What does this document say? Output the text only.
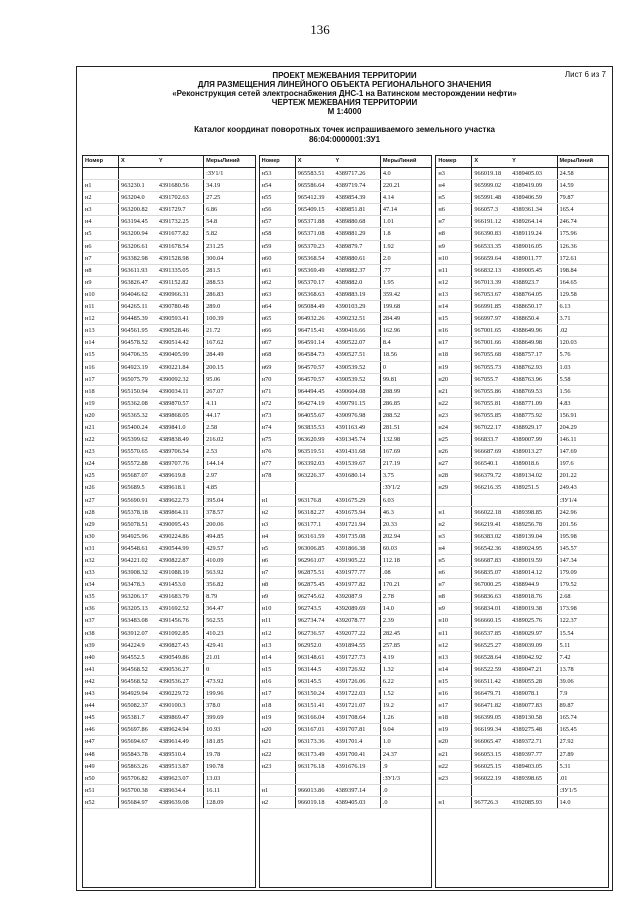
136
Лист 6 из 7
ПРОЕКТ МЕЖЕВАНИЯ ТЕРРИТОРИИ
ДЛЯ РАЗМЕЩЕНИЯ ЛИНЕЙНОГО ОБЪЕКТА РЕГИОНАЛЬНОГО ЗНАЧЕНИЯ
«Реконструкция сетей электроснабжения ДНС-1 на Ватинском месторождении нефти»
ЧЕРТЕЖ МЕЖЕВАНИЯ ТЕРРИТОРИИ
М 1:4000
Каталог координат поворотных точек испрашиваемого земельного участка
86:04:0000001:ЗУ1
Номер	X	Y	МерыЛиний
:ЗУ1/1
н1	963230.1	4391680.56	34.19
н2	963204.0	4391702.63	27.25
н3	963200.82	4391729.7	6.86
н4	963194.45	4391732.25	54.8
н5	963200.94	4391677.82	5.82
н6	963206.61	4391678.54	231.25
н7	963382.98	4391528.98	300.04
н8	963611.93	4391335.05	281.5
н9	963826.47	4391152.82	288.53
н10	964046.62	4390966.31	286.83
н11	964265.11	4390780.48	289.0
н12	964485.39	4390593.41	100.39
н13	964561.95	4390528.46	21.72
н14	964578.52	4390514.42	167.62
н15	964706.35	4390405.99	284.49
н16	964923.19	4390221.84	200.15
н17	965075.79	4390092.32	95.06
н18	965150.94	4390034.11	267.07
н19	965362.08	4389870.57	4.11
н20	965365.32	4389868.05	44.17
н21	965400.24	4389841.0	2.58
н22	965399.62	4389838.49	216.02
н23	965570.65	4389706.54	2.53
н24	965572.88	4389707.76	144.14
н25	965687.07	4389619.8	2.97
н26	965689.5	4389618.1	4.85
н27	965690.91	4389622.73	395.04
н28	965378.18	4389864.11	378.57
н29	965078.51	4390095.43	200.06
н30	964925.96	4390224.86	494.85
н31	964548.61	4390544.99	429.57
н32	964221.02	4390822.87	410.09
н33	963908.32	4391088.19	563.92
н34	963478.3	4391453.0	356.82
н35	963206.17	4391683.79	8.79
н36	963205.13	4391692.52	364.47
н37	963483.08	4391456.76	562.55
н38	963912.07	4391092.85	410.23
н39	964224.9	4390827.43	429.41
н40	964552.5	4390549.86	21.01
н41	964568.52	4390536.27	0
н42	964568.52	4390536.27	473.92
н43	964929.94	4390229.72	199.96
н44	965082.37	4390100.3	378.0
н45	965381.7	4389869.47	399.69
н46	965697.86	4389624.94	10.93
н47	965694.67	4389614.49	181.85
н48	965843.78	4389510.4	19.78
н49	965863.26	4389513.87	190.78
н50	965706.82	4389623.07	13.03
н51	965700.38	4389634.4	16.11
н52	965684.97	4389639.08	128.09
Номер	X	Y	МерыЛиний
н53	965583.51	4389717.26	4.0
н54	965586.64	4389719.74	220.21
н55	965412.39	4389854.39	4.14
н56	965409.15	4389851.81	47.14
н57	965371.88	4389880.68	1.01
н58	965371.08	4389881.29	1.8
н59	965370.23	4389879.7	1.92
н60	965368.54	4389880.61	2.0
н61	965369.49	4389882.37	.77
н62	965370.17	4389882.0	1.95
н63	965368.63	4389883.19	359.42
н64	965084.49	4390103.29	199.68
н65	964932.26	4390232.51	284.49
н66	964715.41	4390416.66	162.96
н67	964591.14	4390522.07	8.4
н68	964584.73	4390527.51	18.56
н69	964570.57	4390539.52	0
н70	964570.57	4390539.52	99.81
н71	964494.45	4390604.08	288.99
н72	964274.19	4390791.15	286.85
н73	964055.67	4390976.98	288.52
н74	963835.53	4391163.49	281.51
н75	963620.99	4391345.74	132.98
н76	963519.51	4391431.68	167.69
н77	963392.03	4391539.67	217.19
н78	963226.37	4391680.14	3.75
:ЗУ1/2
н1	963176.8	4391675.29	6.03
н2	963182.27	4391675.94	46.3
н3	963177.1	4391721.94	20.33
н4	963161.59	4391735.08	202.94
н5	963006.85	4391866.38	60.03
н6	962961.07	4391905.22	112.18
н7	962875.51	4391977.77	.08
н8	962875.45	4391977.82	170.21
н9	962745.62	4392087.9	2.78
н10	962743.5	4392089.69	14.0
н11	962734.74	4392078.77	2.39
н12	962736.57	4392077.22	282.45
н13	962952.0	4391894.55	257.85
н14	963148.61	4391727.73	4.19
н15	963144.5	4391726.92	1.32
н16	963145.5	4391726.06	6.22
н17	963150.24	4391722.03	1.52
н18	963151.41	4391721.07	19.2
н19	963166.04	4391708.64	1.26
н20	963167.01	4391707.81	9.04
н21	963173.36	4391701.4	1.0
н22	963173.49	4391700.41	24.37
н23	963176.18	4391676.19	.9
:ЗУ1/3
н1	966013.86	4389397.14	.0
н2	966019.18	4389405.03	.0
Номер	X	Y	МерыЛиний
н3	966019.18	4389405.03	24.58
н4	965999.02	4389419.09	14.59
н5	965991.48	4389406.59	79.87
н6	966057.3	4389361.34	165.4
н7	966191.12	4389264.14	246.74
н8	966390.83	4389119.24	175.96
н9	966533.35	4389016.05	126.36
н10	966659.64	4389011.77	172.61
н11	966832.13	4389005.45	198.84
н12	967013.39	4388923.7	164.65
н13	967053.67	4388764.05	129.58
н14	966991.85	4388650.17	6.13
н15	966997.97	4388650.4	3.71
н16	967001.65	4388649.96	.02
н17	967001.66	4388649.98	120.03
н18	967055.68	4388757.17	5.76
н19	967055.73	4388762.93	1.03
н20	967055.7	4388763.96	5.58
н21	967055.86	4388769.53	1.56
н22	967055.81	4388771.09	4.83
н23	967055.85	4388775.92	156.91
н24	967022.17	4388929.17	204.29
н25	966833.7	4389007.99	146.11
н26	966687.69	4389013.27	147.69
н27	966540.1	4389018.6	197.6
н28	966379.72	4389134.02	201.22
н29	966216.35	4389251.5	249.43
:ЗУ1/4
н1	966022.18	4389398.85	242.96
н2	966219.41	4389256.78	201.56
н3	966383.02	4389139.04	195.98
н4	966542.36	4389024.95	145.57
н5	966687.83	4389019.59	147.34
н6	966835.07	4389014.12	179.09
н7	967000.25	4388944.9	179.52
н8	966836.63	4389018.76	2.68
н9	966834.01	4389019.38	173.98
н10	966660.15	4389025.76	122.37
н11	966537.85	4389029.97	15.54
н12	966525.27	4389039.09	5.11
н13	966528.64	4389042.92	7.42
н14	966522.59	4389047.21	13.78
н15	966511.42	4389055.28	39.06
н16	966479.71	4389078.1	7.9
н17	966471.82	4389077.83	89.87
н18	966399.05	4389130.58	165.74
н19	966199.34	4389275.48	165.45
н20	966065.47	4389372.71	27.92
н21	966053.15	4389397.77	27.89
н22	966025.15	4389403.05	5.31
н23	966022.19	4389398.65	.01
:ЗУ1/5
н1	967726.3	4392085.93	14.0
